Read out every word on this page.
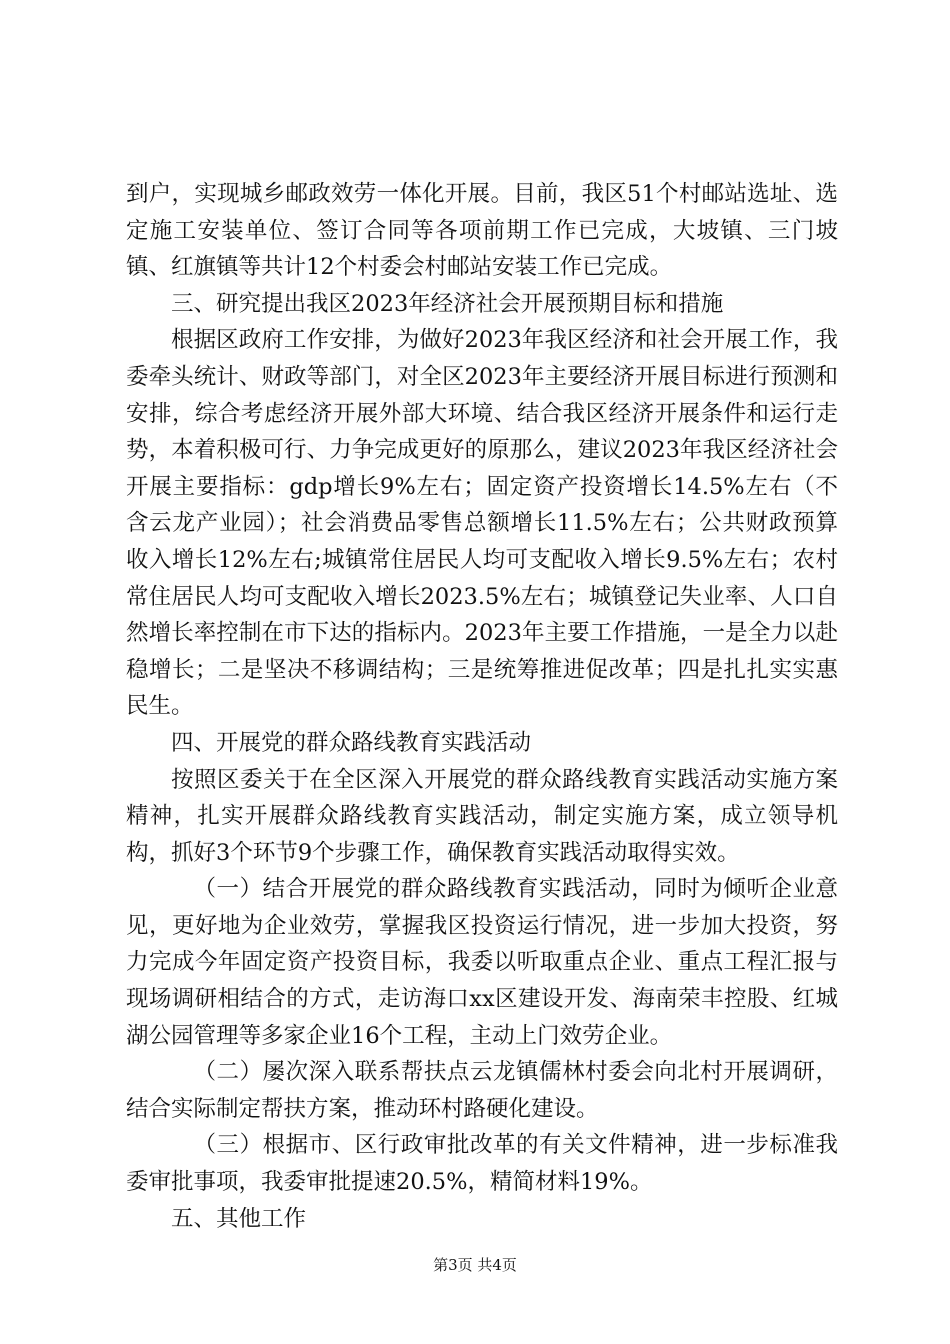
到户，实现城乡邮政效劳一体化开展。目前，我区51个村邮站选址、选定施工安装单位、签订合同等各项前期工作已完成，大坡镇、三门坡镇、红旗镇等共计12个村委会村邮站安装工作已完成。

三、研究提出我区2023年经济社会开展预期目标和措施

根据区政府工作安排，为做好2023年我区经济和社会开展工作，我委牵头统计、财政等部门，对全区2023年主要经济开展目标进行预测和安排，综合考虑经济开展外部大环境、结合我区经济开展条件和运行走势，本着积极可行、力争完成更好的原那么，建议2023年我区经济社会开展主要指标：gdp增长9%左右；固定资产投资增长14.5%左右（不含云龙产业园）；社会消费品零售总额增长11.5%左右；公共财政预算收入增长12%左右;城镇常住居民人均可支配收入增长9.5%左右；农村常住居民人均可支配收入增长2023.5%左右；城镇登记失业率、人口自然增长率控制在市下达的指标内。2023年主要工作措施，一是全力以赴稳增长；二是坚决不移调结构；三是统筹推进促改革；四是扎扎实实惠民生。

四、开展党的群众路线教育实践活动

按照区委关于在全区深入开展党的群众路线教育实践活动实施方案精神，扎实开展群众路线教育实践活动，制定实施方案，成立领导机构，抓好3个环节9个步骤工作，确保教育实践活动取得实效。

（一）结合开展党的群众路线教育实践活动，同时为倾听企业意见，更好地为企业效劳，掌握我区投资运行情况，进一步加大投资，努力完成今年固定资产投资目标，我委以听取重点企业、重点工程汇报与现场调研相结合的方式，走访海口xx区建设开发、海南荣丰控股、红城湖公园管理等多家企业16个工程，主动上门效劳企业。

（二）屡次深入联系帮扶点云龙镇儒林村委会向北村开展调研，结合实际制定帮扶方案，推动环村路硬化建设。

（三）根据市、区行政审批改革的有关文件精神，进一步标准我委审批事项，我委审批提速20.5%，精简材料19%。

五、其他工作

第3页 共4页
